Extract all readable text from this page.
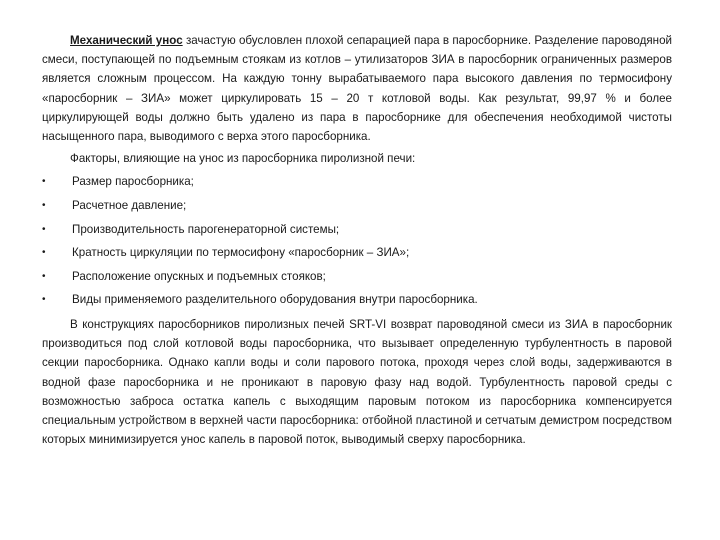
Механический унос зачастую обусловлен плохой сепарацией пара в паросборнике. Разделение пароводяной смеси, поступающей по подъемным стоякам из котлов – утилизаторов ЗИА в паросборник ограниченных размеров является сложным процессом. На каждую тонну вырабатываемого пара высокого давления по термосифону «паросборник – ЗИА» может циркулировать 15 – 20 т котловой воды. Как результат, 99,97 % и более циркулирующей воды должно быть удалено из пара в паросборнике для обеспечения необходимой чистоты насыщенного пара, выводимого с верха этого паросборника.

Факторы, влияющие на унос из паросборника пиролизной печи:

•	Размер паросборника;
•	Расчетное давление;
•	Производительность парогенераторной системы;
•	Кратность циркуляции по термосифону «паросборник – ЗИА»;
•	Расположение опускных и подъемных стояков;
•	Виды применяемого разделительного оборудования внутри паросборника.

В конструкциях паросборников пиролизных печей SRT-VI возврат пароводяной смеси из ЗИА в паросборник производиться под слой котловой воды паросборника, что вызывает определенную турбулентность в паровой секции паросборника. Однако капли воды и соли парового потока, проходя через слой воды, задерживаются в водной фазе паросборника и не проникают в паровую фазу над водой. Турбулентность паровой среды с возможностью заброса остатка капель с выходящим паровым потоком из паросборника компенсируется специальным устройством в верхней части паросборника: отбойной пластиной и сетчатым демистром посредством которых минимизируется унос капель в паровой поток, выводимый сверху паросборника.
